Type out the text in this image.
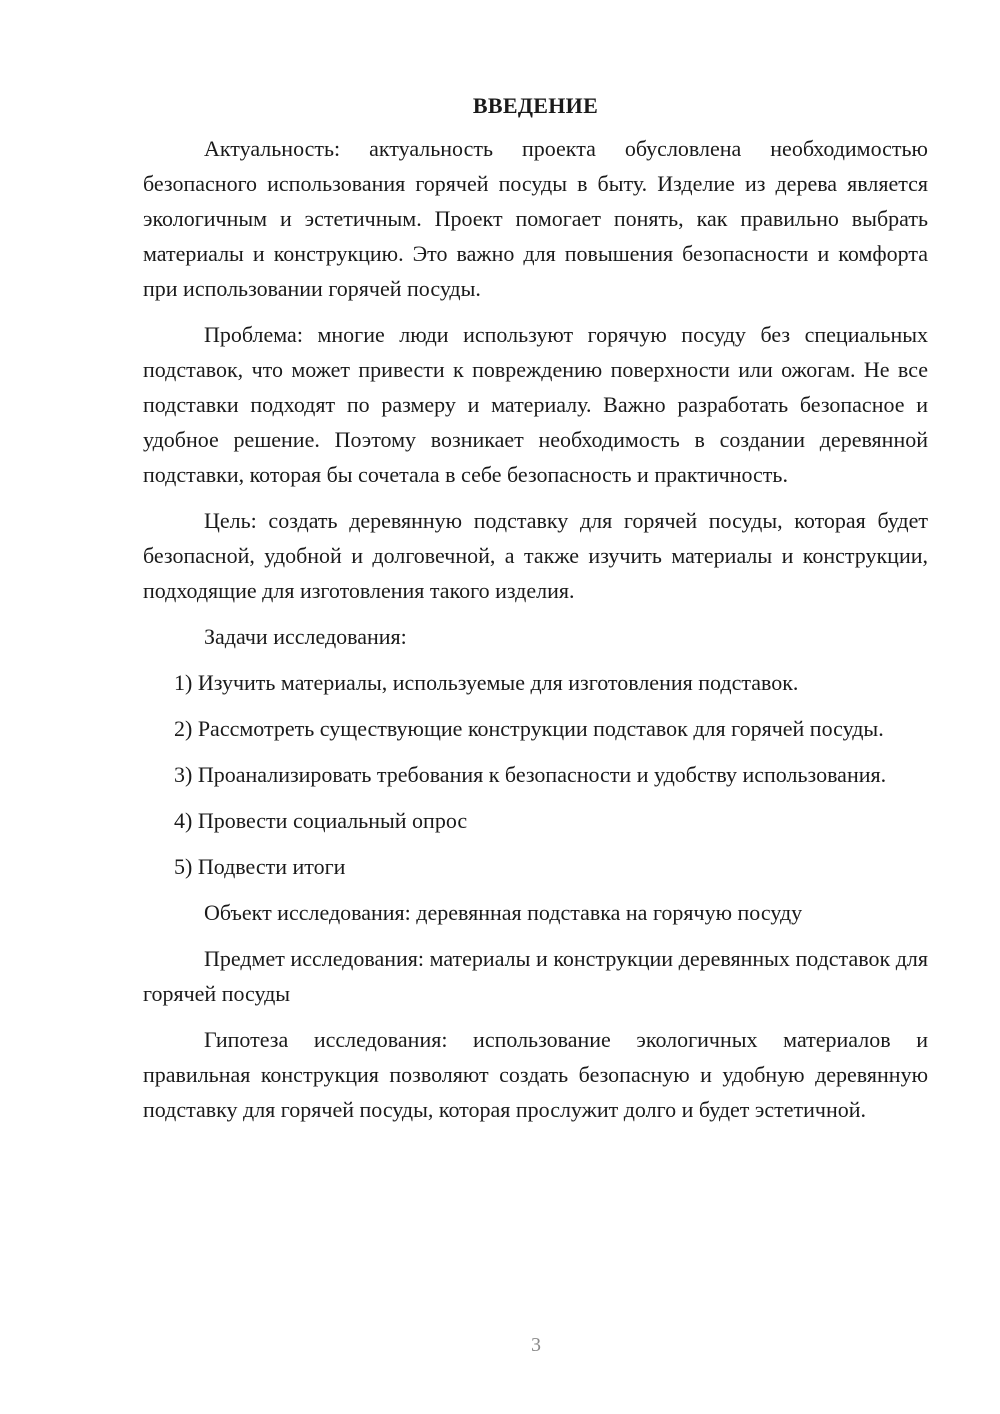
ВВЕДЕНИЕ

Актуальность: актуальность проекта обусловлена необходимостью безопасного использования горячей посуды в быту. Изделие из дерева является экологичным и эстетичным. Проект помогает понять, как правильно выбрать материалы и конструкцию. Это важно для повышения безопасности и комфорта при использовании горячей посуды.

Проблема: многие люди используют горячую посуду без специальных подставок, что может привести к повреждению поверхности или ожогам. Не все подставки подходят по размеру и материалу. Важно разработать безопасное и удобное решение. Поэтому возникает необходимость в создании деревянной подставки, которая бы сочетала в себе безопасность и практичность.

Цель: создать деревянную подставку для горячей посуды, которая будет безопасной, удобной и долговечной, а также изучить материалы и конструкции, подходящие для изготовления такого изделия.

Задачи исследования:

1) Изучить материалы, используемые для изготовления подставок.

2) Рассмотреть существующие конструкции подставок для горячей посуды.

3) Проанализировать требования к безопасности и удобству использования.

4) Провести социальный опрос

5) Подвести итоги

Объект исследования: деревянная подставка на горячую посуду

Предмет исследования: материалы и конструкции деревянных подставок для горячей посуды

Гипотеза исследования: использование экологичных материалов и правильная конструкция позволяют создать безопасную и удобную деревянную подставку для горячей посуды, которая прослужит долго и будет эстетичной.

3
